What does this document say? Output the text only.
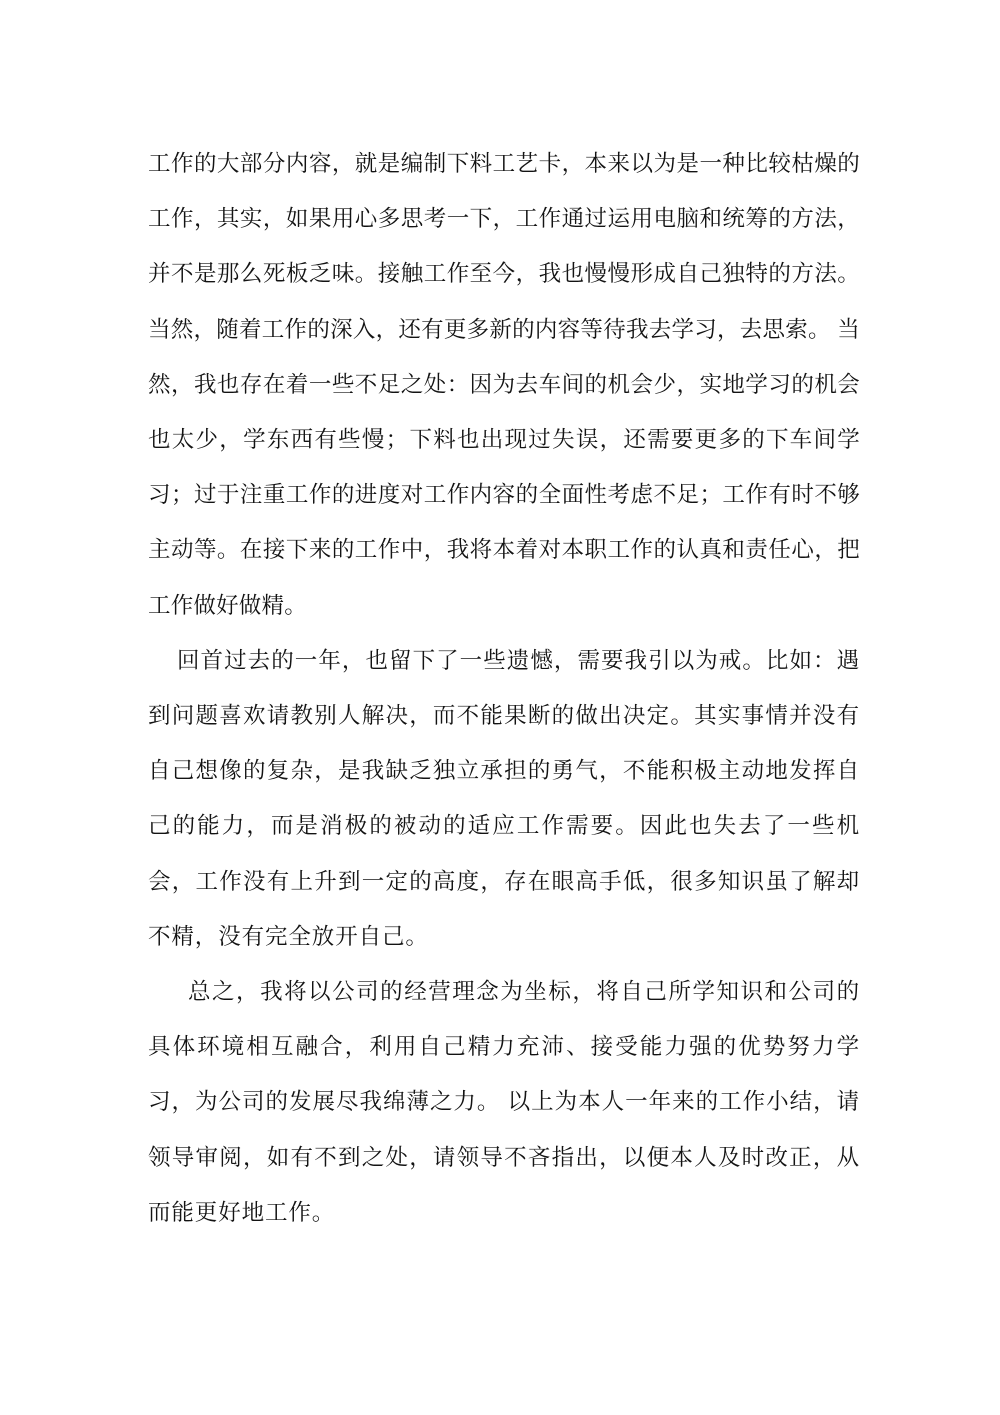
工作的大部分内容，就是编制下料工艺卡，本来以为是一种比较枯燥的工作，其实，如果用心多思考一下，工作通过运用电脑和统筹的方法，并不是那么死板乏味。接触工作至今，我也慢慢形成自己独特的方法。当然，随着工作的深入，还有更多新的内容等待我去学习，去思索。 当然，我也存在着一些不足之处：因为去车间的机会少，实地学习的机会也太少，学东西有些慢；下料也出现过失误，还需要更多的下车间学习；过于注重工作的进度对工作内容的全面性考虑不足；工作有时不够主动等。在接下来的工作中，我将本着对本职工作的认真和责任心，把工作做好做精。

回首过去的一年，也留下了一些遗憾，需要我引以为戒。比如：遇到问题喜欢请教别人解决，而不能果断的做出决定。其实事情并没有自己想像的复杂，是我缺乏独立承担的勇气，不能积极主动地发挥自己的能力，而是消极的被动的适应工作需要。因此也失去了一些机会，工作没有上升到一定的高度，存在眼高手低，很多知识虽了解却不精，没有完全放开自己。

总之，我将以公司的经营理念为坐标，将自己所学知识和公司的具体环境相互融合，利用自己精力充沛、接受能力强的优势努力学习，为公司的发展尽我绵薄之力。 以上为本人一年来的工作小结，请领导审阅，如有不到之处，请领导不吝指出，以便本人及时改正，从而能更好地工作。
